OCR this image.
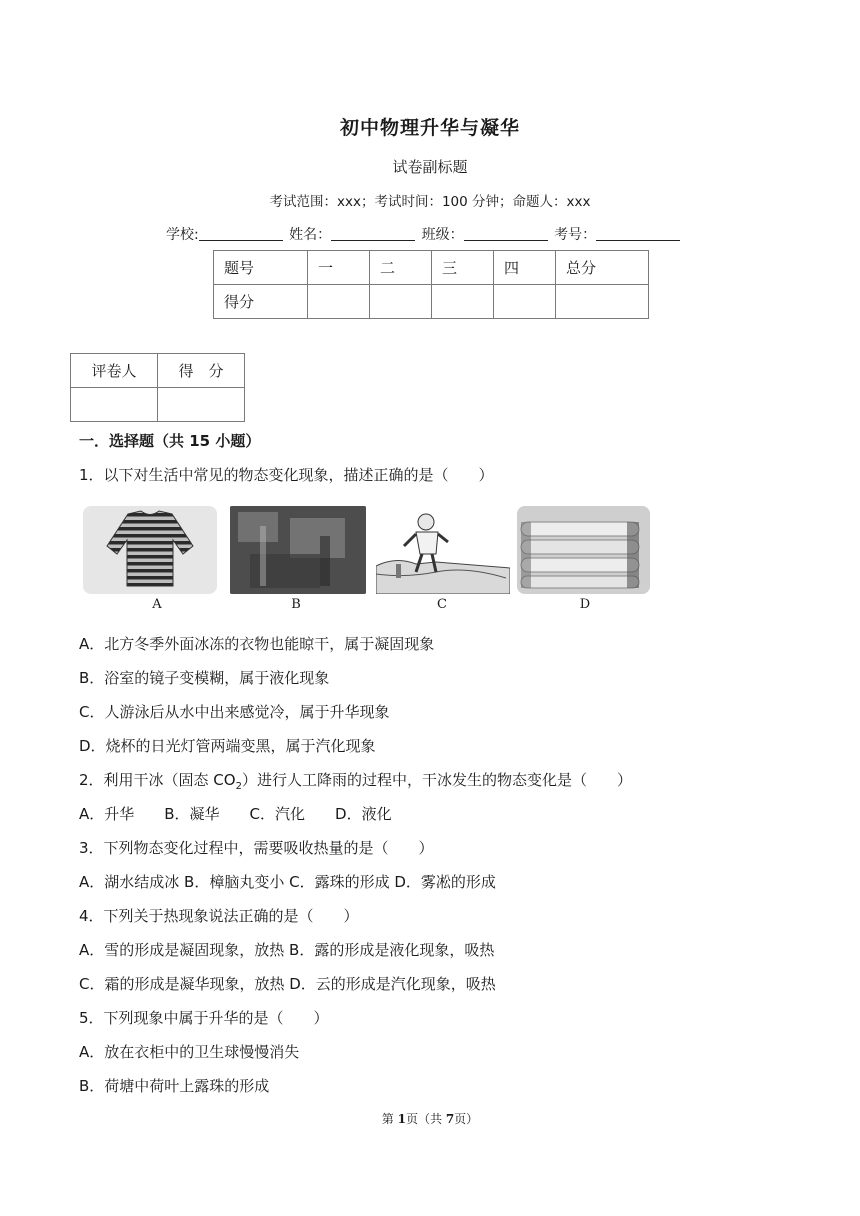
初中物理升华与凝华
试卷副标题
考试范围：xxx；考试时间：100 分钟；命题人：xxx
学校:	姓名：	班级：	考号：
题号	一	二	三	四	总分
得分					
评卷人	得　分

一．选择题（共 15 小题）
1．以下对生活中常见的物态变化现象，描述正确的是（　　）
A	B	C	D
A．北方冬季外面冰冻的衣物也能晾干，属于凝固现象
B．浴室的镜子变模糊，属于液化现象
C．人游泳后从水中出来感觉冷，属于升华现象
D．烧杯的日光灯管两端变黑，属于汽化现象
2．利用干冰（固态 $CO_2$）进行人工降雨的过程中，干冰发生的物态变化是（　　）
A．升华　　B．凝华　　C．汽化　　D．液化
3．下列物态变化过程中，需要吸收热量的是（　　）
A．湖水结成冰 B．樟脑丸变小 C．露珠的形成 D．雾凇的形成
4．下列关于热现象说法正确的是（　　）
A．雪的形成是凝固现象，放热 B．露的形成是液化现象，吸热
C．霜的形成是凝华现象，放热 D．云的形成是汽化现象，吸热
5．下列现象中属于升华的是（　　）
A．放在衣柜中的卫生球慢慢消失
B．荷塘中荷叶上露珠的形成
第 1页（共 7页）
